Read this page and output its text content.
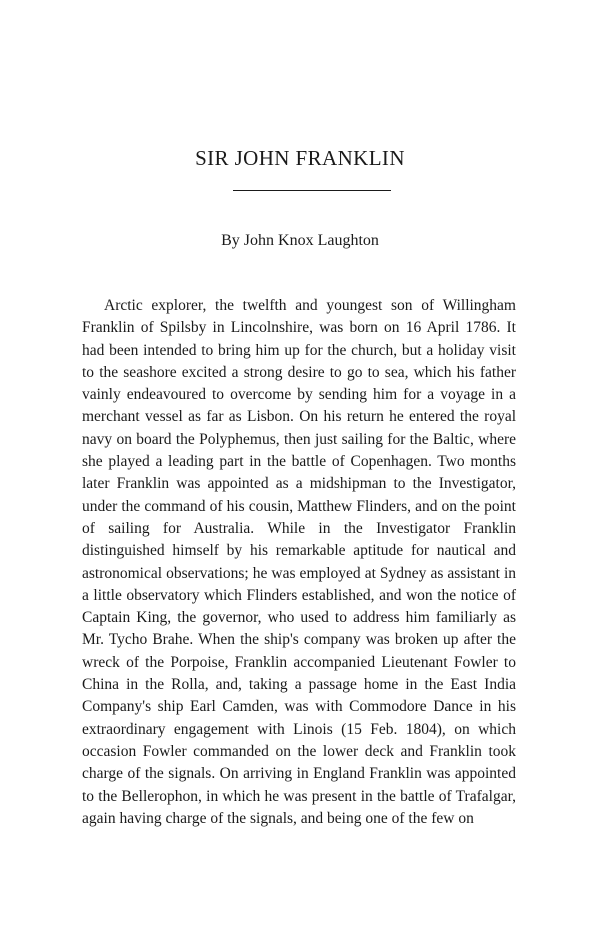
SIR JOHN FRANKLIN

By John Knox Laughton

Arctic explorer, the twelfth and youngest son of Willingham Franklin of Spilsby in Lincolnshire, was born on 16 April 1786. It had been intended to bring him up for the church, but a holiday visit to the seashore excited a strong desire to go to sea, which his father vainly endeavoured to overcome by sending him for a voyage in a merchant vessel as far as Lisbon. On his return he entered the royal navy on board the Polyphemus, then just sailing for the Baltic, where she played a leading part in the battle of Copenhagen. Two months later Franklin was appointed as a midshipman to the Investigator, under the command of his cousin, Matthew Flinders, and on the point of sailing for Australia. While in the Investigator Franklin distinguished himself by his remarkable aptitude for nautical and astronomical observations; he was employed at Sydney as assistant in a little observatory which Flinders established, and won the notice of Captain King, the governor, who used to address him familiarly as Mr. Tycho Brahe. When the ship's company was broken up after the wreck of the Porpoise, Franklin accompanied Lieutenant Fowler to China in the Rolla, and, taking a passage home in the East India Company's ship Earl Camden, was with Commodore Dance in his extraordinary engagement with Linois (15 Feb. 1804), on which occasion Fowler commanded on the lower deck and Franklin took charge of the signals. On arriving in England Franklin was appointed to the Bellerophon, in which he was present in the battle of Trafalgar, again having charge of the signals, and being one of the few on
